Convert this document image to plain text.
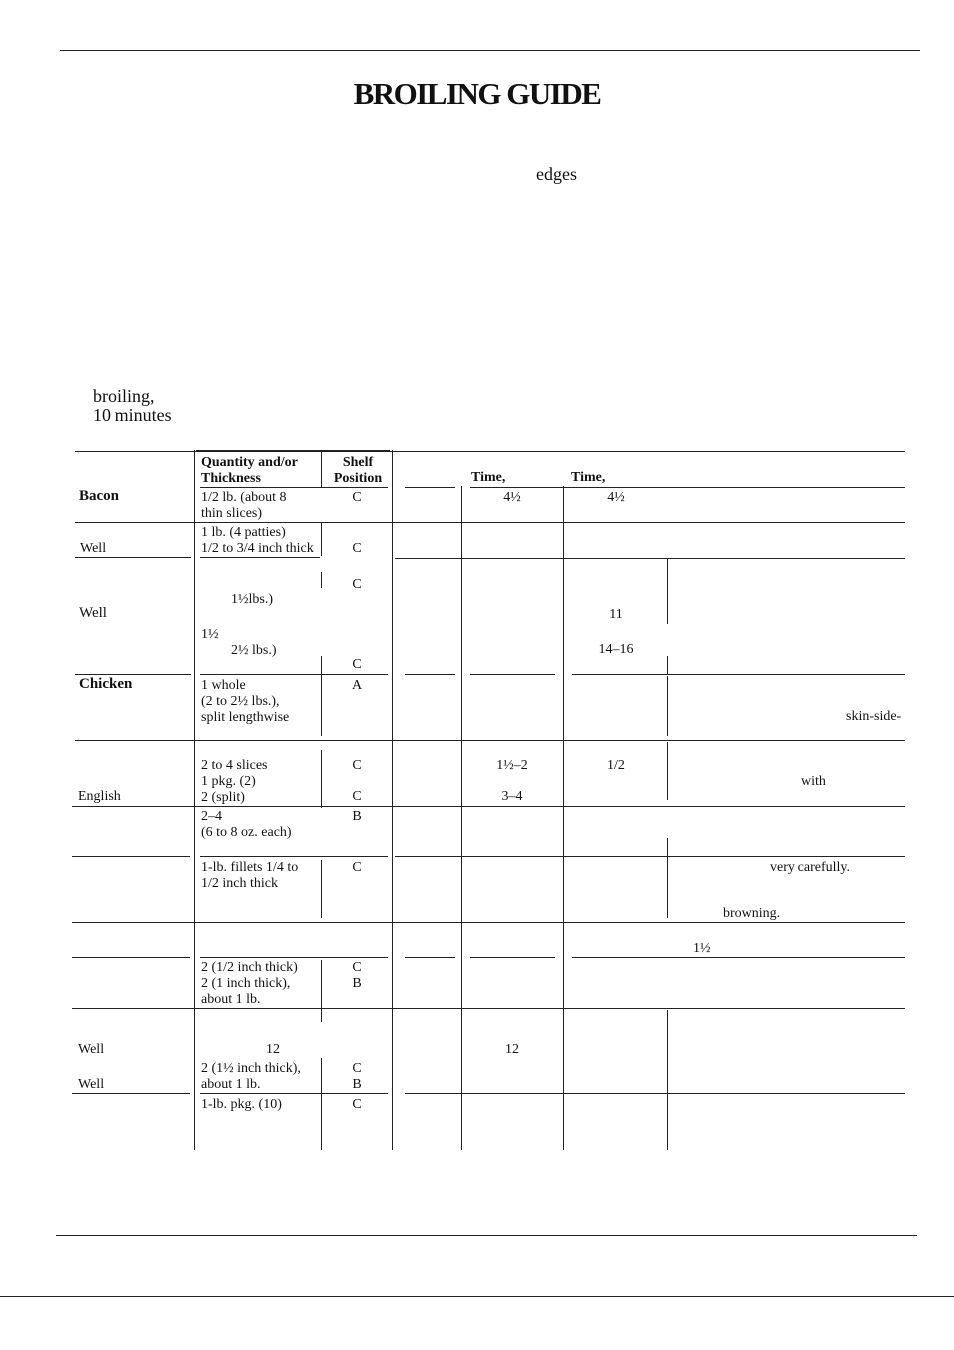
BROILING GUIDE
edges
broiling,
10 minutes
Quantity and/or
Thickness
Shelf
Position	Time,	Time,
Bacon
Well
Well
Chicken
English
Well
Well
1/2 lb. (about 8
thin slices)
1 lb. (4 patties)
1/2 to 3/4 inch thick
1½lbs.)
1½
2½ lbs.)
1 whole
(2 to 2½ lbs.),
split lengthwise
2 to 4 slices
1 pkg. (2)
2 (split)
2–4
(6 to 8 oz. each)
1-lb. fillets 1/4 to
1/2 inch thick
2 (1/2 inch thick)
2 (1 inch thick),
about 1 lb.
12
2 (1½ inch thick),
about 1 lb.
1-lb. pkg. (10)
C
C
C
C
A
C
C
B
C
C
B
C
B
C
4½
1½–2
3–4
12
4½
11
14–16
1/2
skin-side-
with
very carefully.
browning.
1½
